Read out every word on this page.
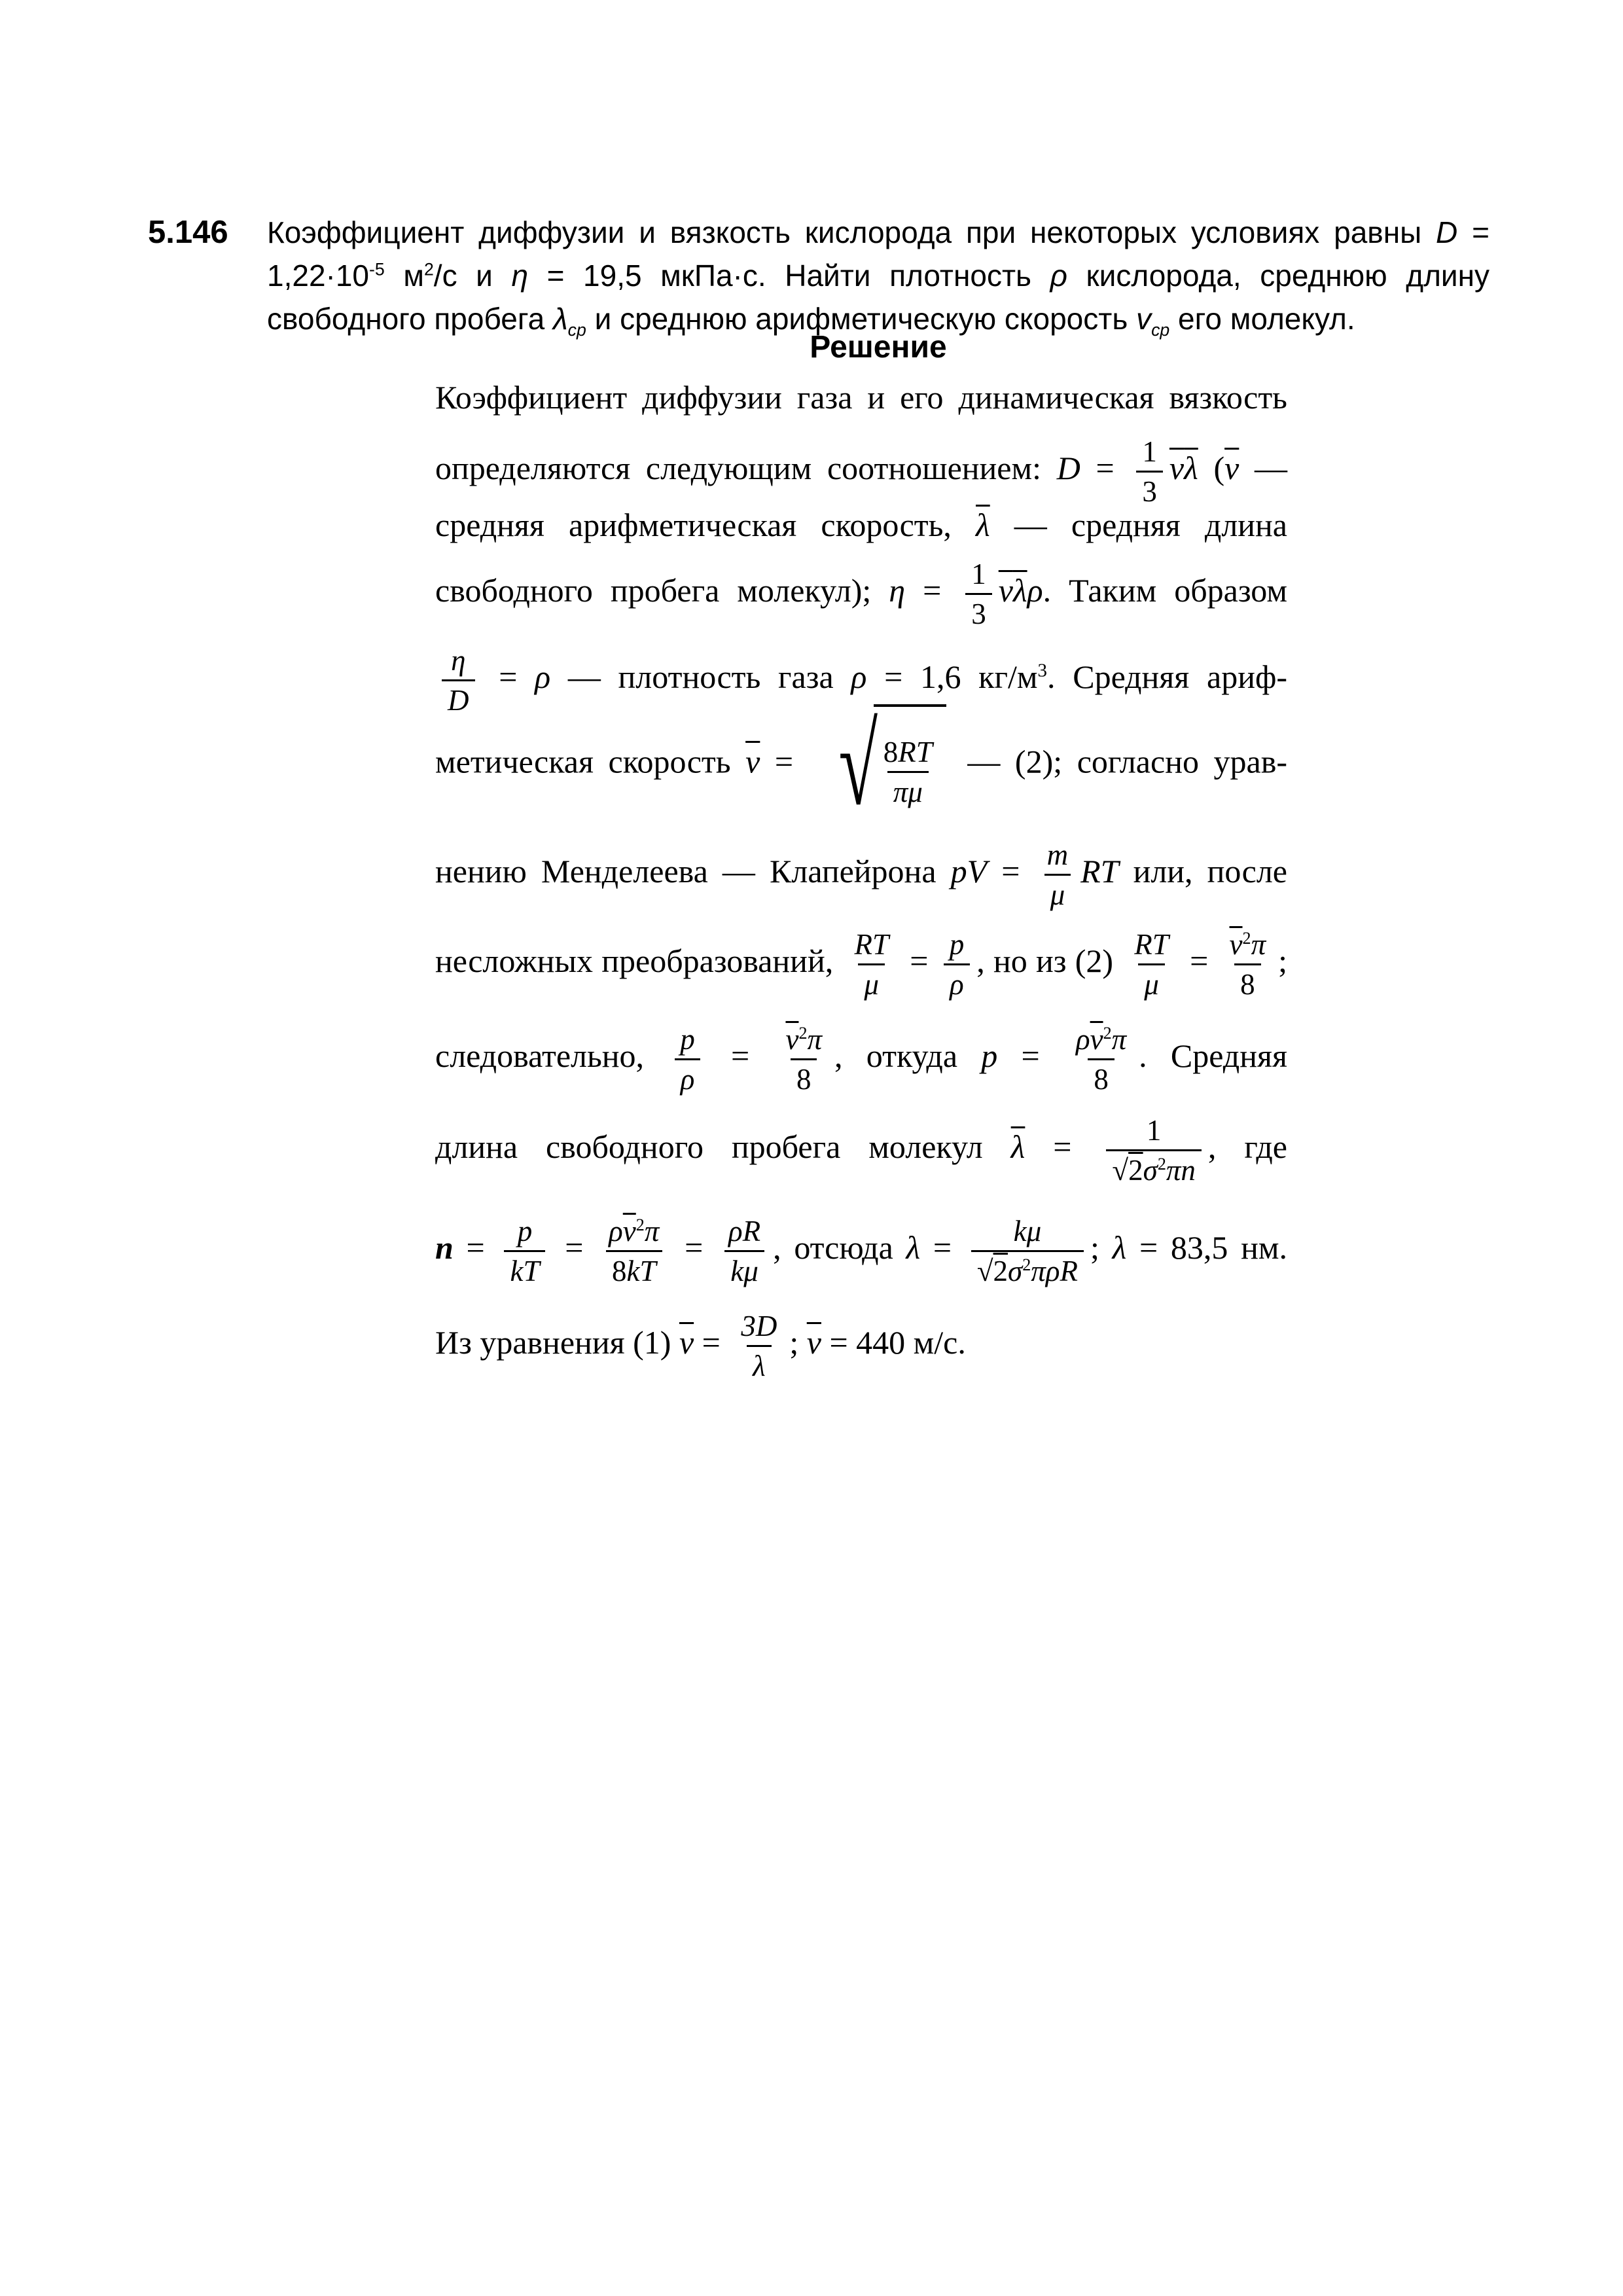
5.146 Коэффициент диффузии и вязкость кислорода при некоторых условиях равны D =
$1,22\cdot 10^{-5}$ $м^2/с$ и η = 19,5 мкПа·с. Найти плотность ρ кислорода, среднюю длину
свободного пробега $\lambda_{ср}$ и среднюю арифметическую скорость $v_{ср}$ его молекул.
Решение
Коэффициент диффузии газа и его динамическая вязкость
определяются следующим соотношением: $D = \frac{1}{3} \overline{v}\overline{\lambda}$ ($\overline{v}$ —
средняя арифметическая скорость, $\overline{\lambda}$ — средняя длина
свободного пробега молекул); $\eta = \frac{1}{3} \overline{v}\overline{\lambda}\rho$. Таким образом
$\frac{\eta}{D} = \rho$ — плотность газа ρ = 1,6 $кг/м^3$. Средняя ариф-
метическая скорость $\overline{v}$ = √ $\frac{8RT}{\pi\mu}$ — (2); согласно урав-
нению Менделеева — Клапейрона pV = $\frac{m}{\mu}$ RT или, после
несложных преобразований, $\frac{RT}{\mu} = \frac{p}{\rho}$ , но из $(2) \frac{RT}{\mu} = \frac{\overline{v}^2\pi}{8}$ ;
следовательно, $\frac{p}{\rho} = \frac{\overline{v}^2\pi}{8}$ , откуда $p = \frac{\rho\overline{v}^2\pi}{8}$ . Средняя
длина свободного пробега молекул $\overline{\lambda} = \frac{1}{√2\sigma^2\pi n}$ , где
$n = \frac{p}{kT} = \frac{\rho\overline{v}^2\pi}{8kT} = \frac{\rho R}{k\mu}$ , отсюда $\lambda = \frac{k\mu}{√2\sigma^2\pi\rho R}$ ; λ = 83,5 нм.
Из уравнения (1) $\overline{v} = \frac{3D}{\lambda}$ ; $\overline{v} = 440$ м/с.
